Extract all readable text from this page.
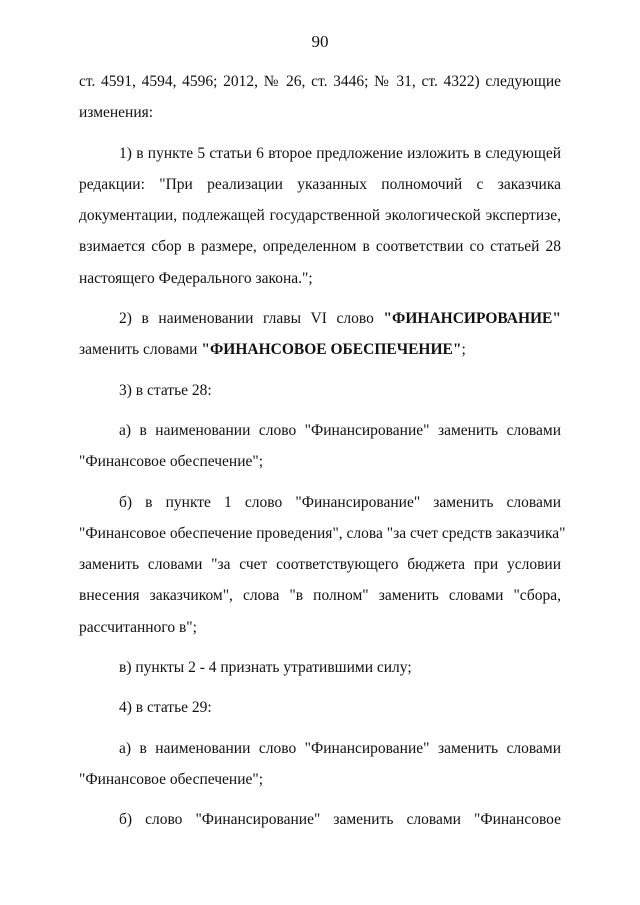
90
ст. 4591, 4594, 4596; 2012, № 26, ст. 3446; № 31, ст. 4322) следующие
изменения:
1) в пункте 5 статьи 6 второе предложение изложить в следующей
редакции: "При реализации указанных полномочий с заказчика
документации, подлежащей государственной экологической экспертизе,
взимается сбор в размере, определенном в соответствии со статьей 28
настоящего Федерального закона.";
2) в наименовании главы VI слово "ФИНАНСИРОВАНИЕ"
заменить словами "ФИНАНСОВОЕ ОБЕСПЕЧЕНИЕ";
3) в статье 28:
а) в наименовании слово "Финансирование" заменить словами
"Финансовое обеспечение";
б) в пункте 1 слово "Финансирование" заменить словами
"Финансовое обеспечение проведения", слова "за счет средств заказчика"
заменить словами "за счет соответствующего бюджета при условии
внесения заказчиком", слова "в полном" заменить словами "сбора,
рассчитанного в";
в) пункты 2 - 4 признать утратившими силу;
4) в статье 29:
а) в наименовании слово "Финансирование" заменить словами
"Финансовое обеспечение";
б) слово "Финансирование" заменить словами "Финансовое
